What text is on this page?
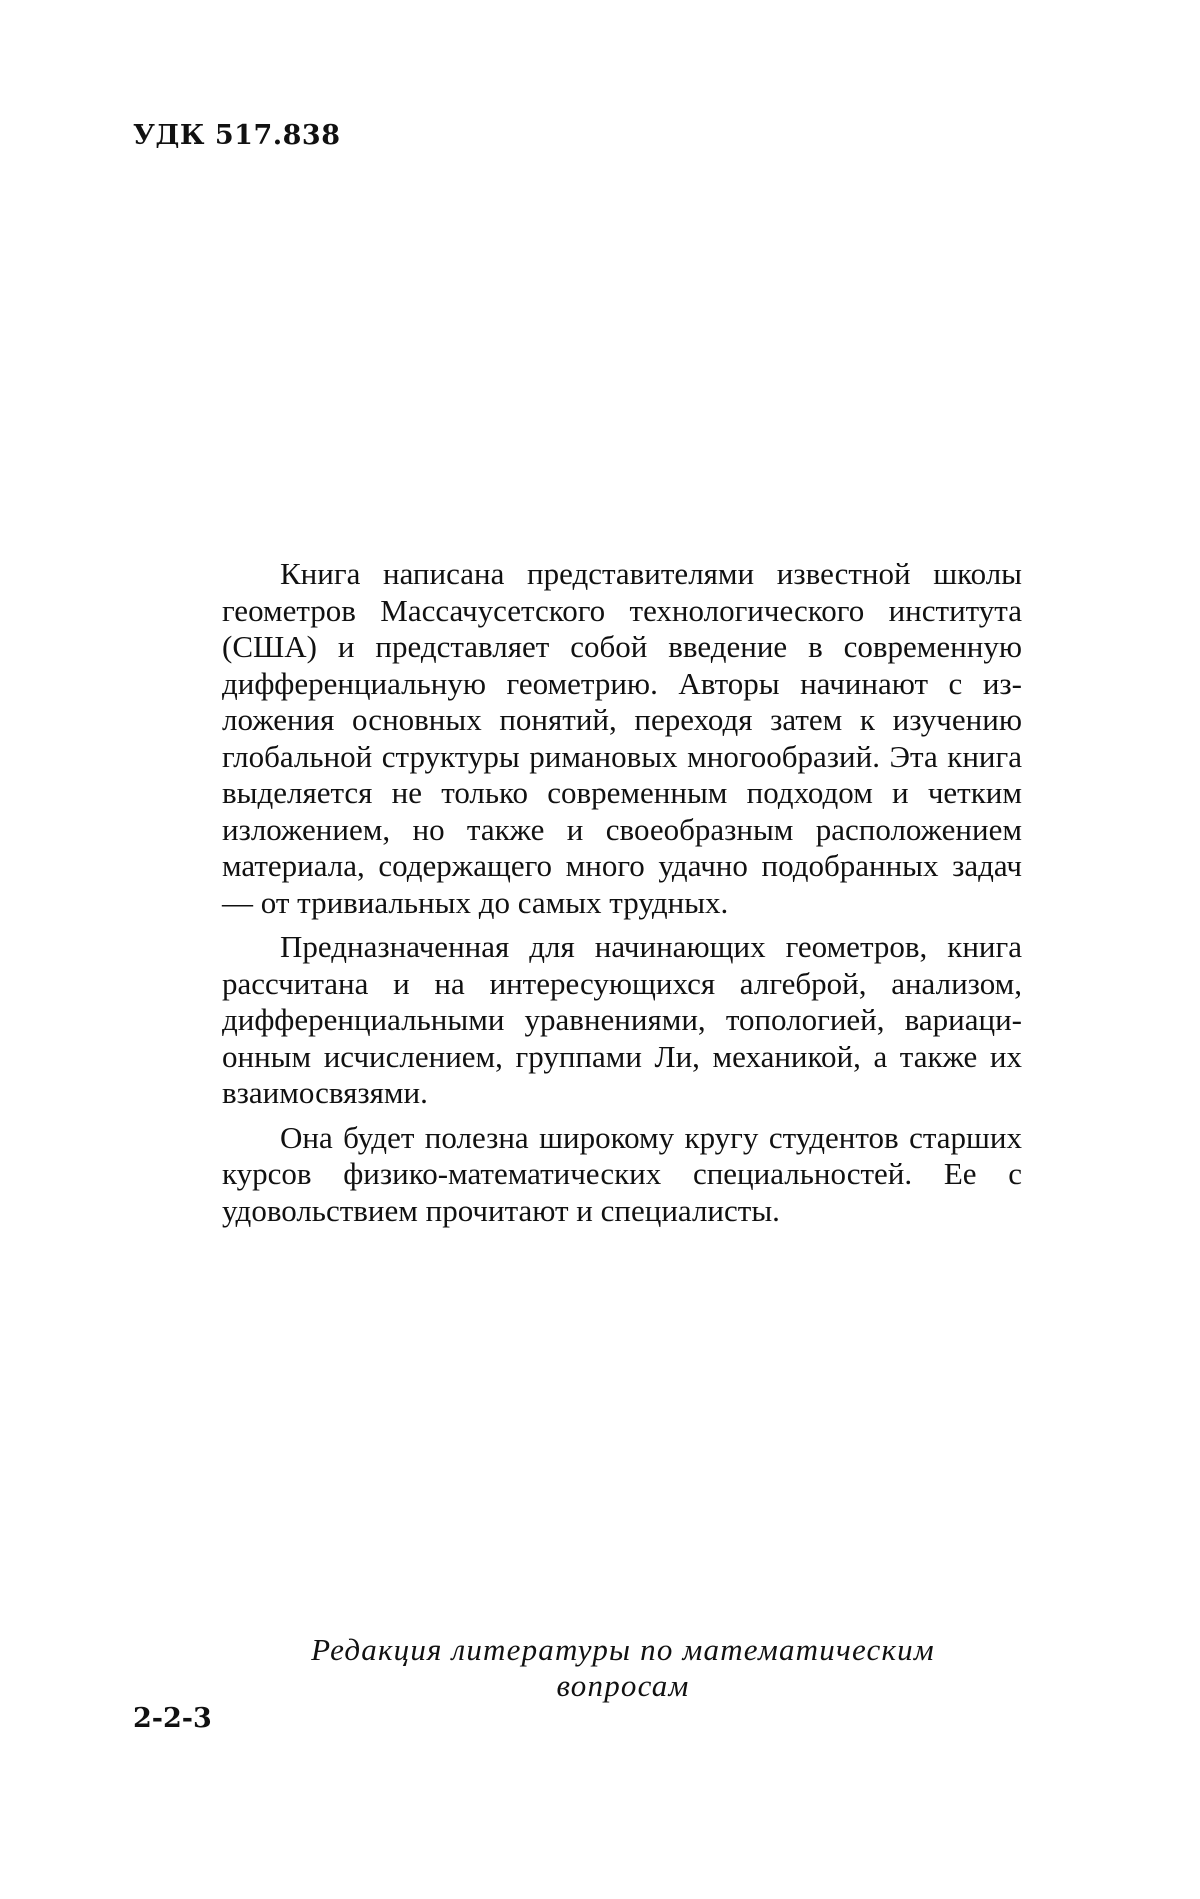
УДК 517.838

Книга написана представителями известной школы геометров Массачусетского технологического института (США) и представляет собой введение в современную дифференциальную геометрию. Авторы начинают с изложения основных понятий, переходя затем к изучению глобальной структуры римановых многообразий. Эта книга выделяется не только современным подходом и четким изложением, но также и своеобразным расположением материала, содержащего много удачно подобранных задач — от тривиальных до самых трудных.

Предназначенная для начинающих геометров, книга рассчитана и на интересующихся алгеброй, анализом, дифференциальными уравнениями, топологией, вариационным исчислением, группами Ли, механикой, а также их взаимосвязями.

Она будет полезна широкому кругу студентов старших курсов физико-математических специальностей. Ее с удовольствием прочитают и специалисты.

Редакция литературы по математическим вопросам
2-2-3
